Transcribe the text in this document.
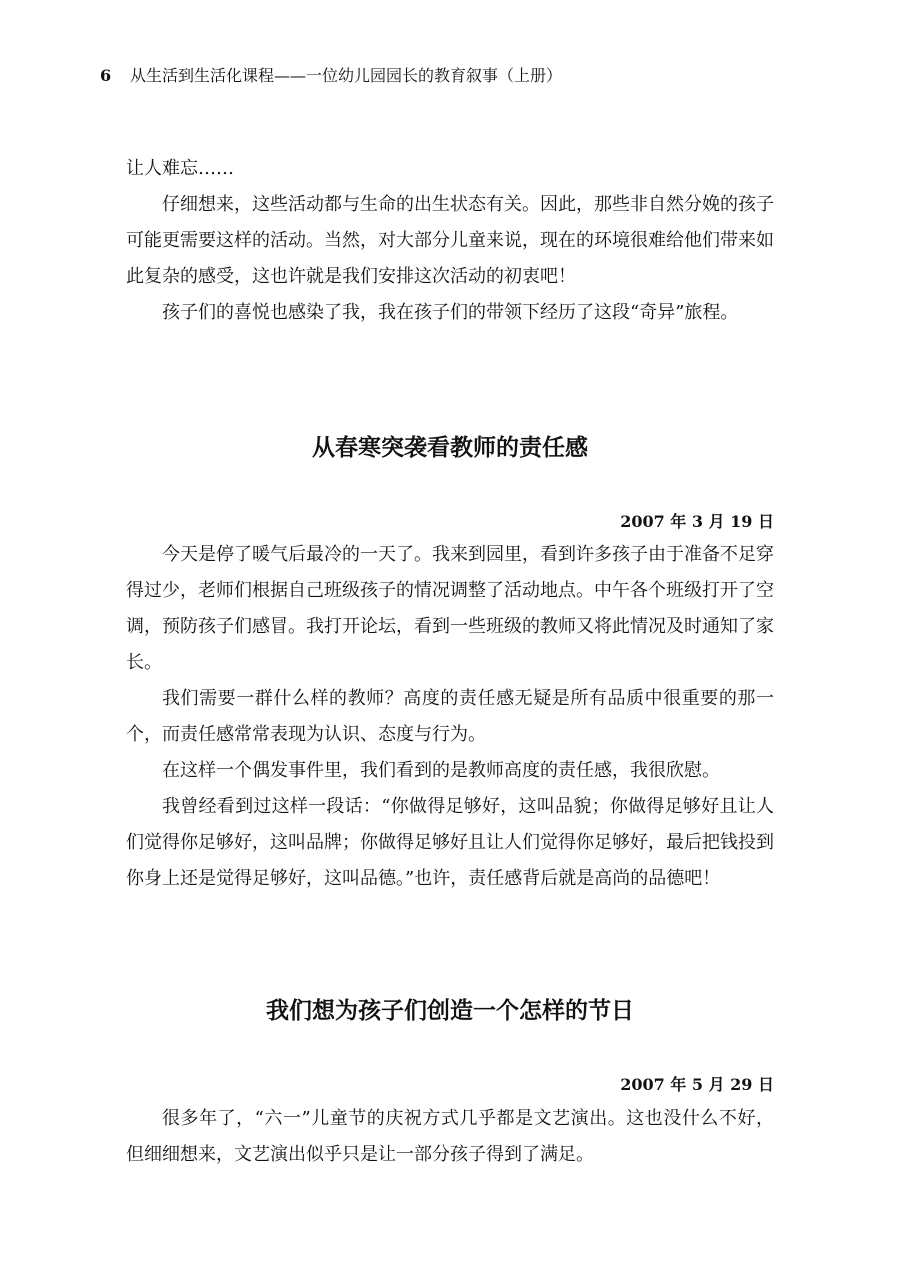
6 从生活到生活化课程——一位幼儿园园长的教育叙事（上册）

让人难忘……

仔细想来，这些活动都与生命的出生状态有关。因此，那些非自然分娩的孩子可能更需要这样的活动。当然，对大部分儿童来说，现在的环境很难给他们带来如此复杂的感受，这也许就是我们安排这次活动的初衷吧！

孩子们的喜悦也感染了我，我在孩子们的带领下经历了这段“奇异”旅程。

从春寒突袭看教师的责任感
2007 年 3 月 19 日

今天是停了暖气后最冷的一天了。我来到园里，看到许多孩子由于准备不足穿得过少，老师们根据自己班级孩子的情况调整了活动地点。中午各个班级打开了空调，预防孩子们感冒。我打开论坛，看到一些班级的教师又将此情况及时通知了家长。

我们需要一群什么样的教师？高度的责任感无疑是所有品质中很重要的那一个，而责任感常常表现为认识、态度与行为。

在这样一个偶发事件里，我们看到的是教师高度的责任感，我很欣慰。

我曾经看到过这样一段话：“你做得足够好，这叫品貌；你做得足够好且让人们觉得你足够好，这叫品牌；你做得足够好且让人们觉得你足够好，最后把钱投到你身上还是觉得足够好，这叫品德。”也许，责任感背后就是高尚的品德吧！

我们想为孩子们创造一个怎样的节日
2007 年 5 月 29 日

很多年了，“六一”儿童节的庆祝方式几乎都是文艺演出。这也没什么不好，但细细想来，文艺演出似乎只是让一部分孩子得到了满足。
